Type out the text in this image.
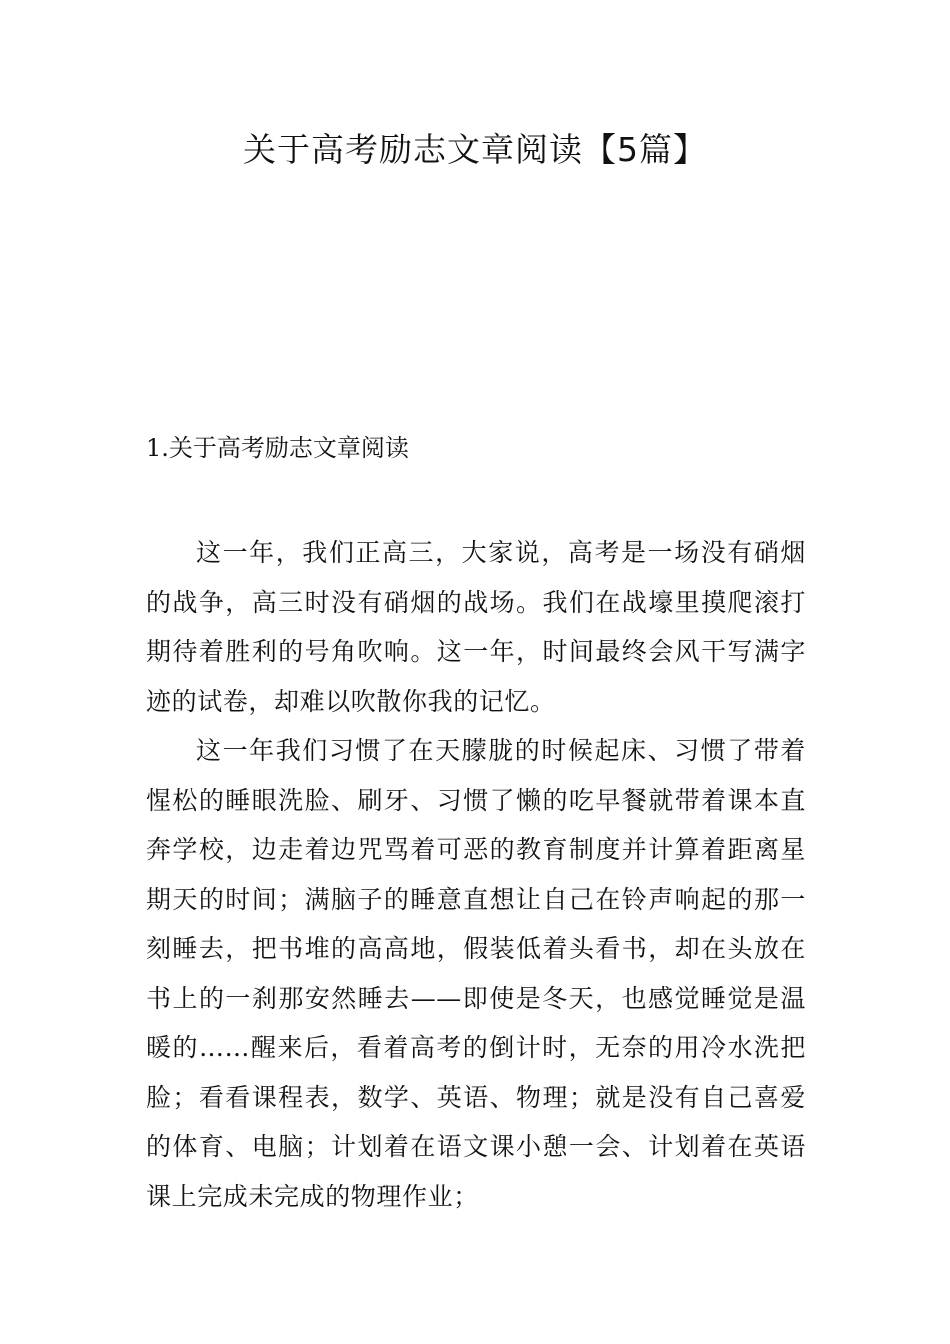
关于高考励志文章阅读【5篇】
1.关于高考励志文章阅读

这一年，我们正高三，大家说，高考是一场没有硝烟的战争，高三时没有硝烟的战场。我们在战壕里摸爬滚打期待着胜利的号角吹响。这一年，时间最终会风干写满字迹的试卷，却难以吹散你我的记忆。

这一年我们习惯了在天朦胧的时候起床、习惯了带着惺松的睡眼洗脸、刷牙、习惯了懒的吃早餐就带着课本直奔学校，边走着边咒骂着可恶的教育制度并计算着距离星期天的时间；满脑子的睡意直想让自己在铃声响起的那一刻睡去，把书堆的高高地，假装低着头看书，却在头放在书上的一刹那安然睡去——即使是冬天，也感觉睡觉是温暖的……醒来后，看着高考的倒计时，无奈的用冷水洗把脸；看看课程表，数学、英语、物理；就是没有自己喜爱的体育、电脑；计划着在语文课小憩一会、计划着在英语课上完成未完成的物理作业；
